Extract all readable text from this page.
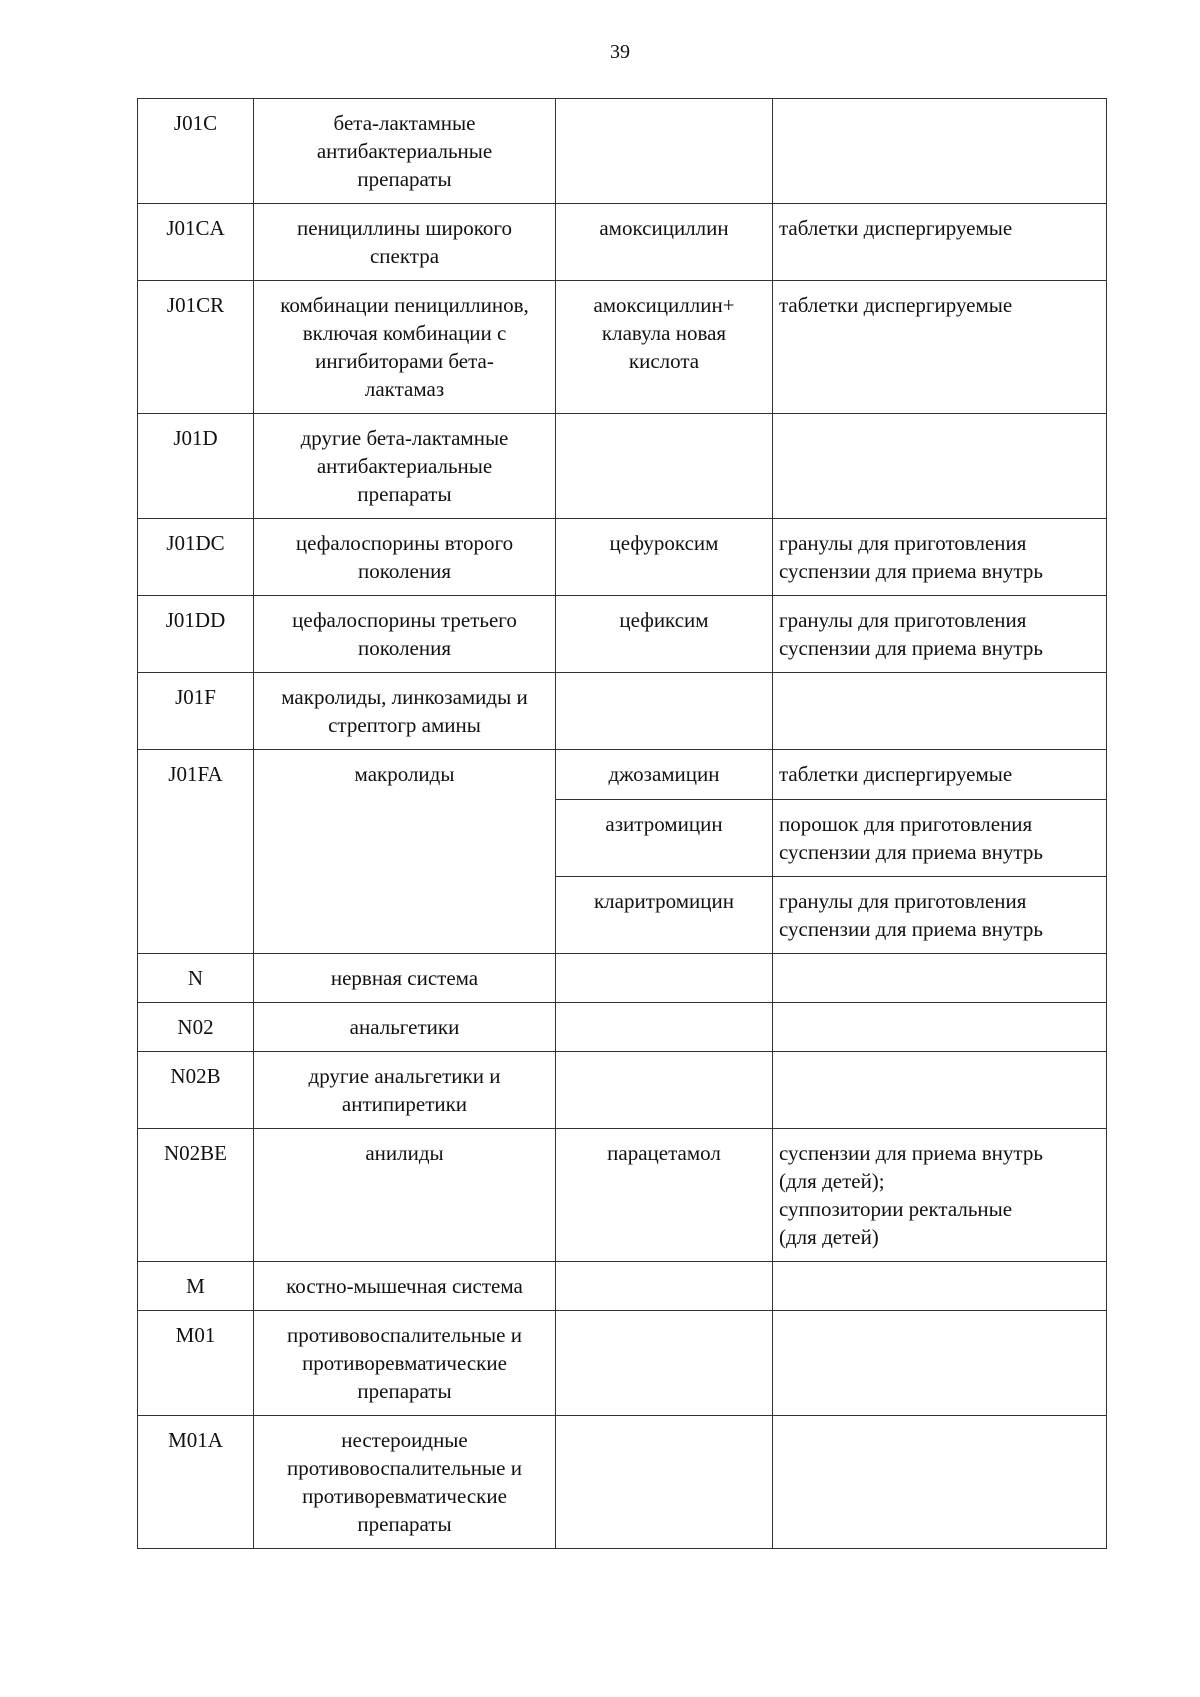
39
J01C	бета-лактамные
антибактериальные
препараты		
J01CA	пенициллины широкого
спектра	амоксициллин	таблетки диспергируемые
J01CR	комбинации пенициллинов,
включая комбинации с
ингибиторами бета-
лактамаз	амоксициллин+
клавула новая
кислота	таблетки диспергируемые
J01D	другие бета-лактамные
антибактериальные
препараты		
J01DC	цефалоспорины второго
поколения	цефуроксим	гранулы для приготовления
суспензии для приема внутрь
J01DD	цефалоспорины третьего
поколения	цефиксим	гранулы для приготовления
суспензии для приема внутрь
J01F	макролиды, линкозамиды и
стрептогр амины		
J01FA	макролиды	джозамицин	таблетки диспергируемые
		азитромицин	порошок для приготовления
суспензии для приема внутрь
		кларитромицин	гранулы для приготовления
суспензии для приема внутрь
N	нервная система		
N02	анальгетики		
N02B	другие анальгетики и
антипиретики		
N02BE	анилиды	парацетамол	суспензии для приема внутрь
(для детей);
суппозитории ректальные
(для детей)
M	костно-мышечная система		
M01	противовоспалительные и
противоревматические
препараты		
M01A	нестероидные
противовоспалительные и
противоревматические
препараты		
